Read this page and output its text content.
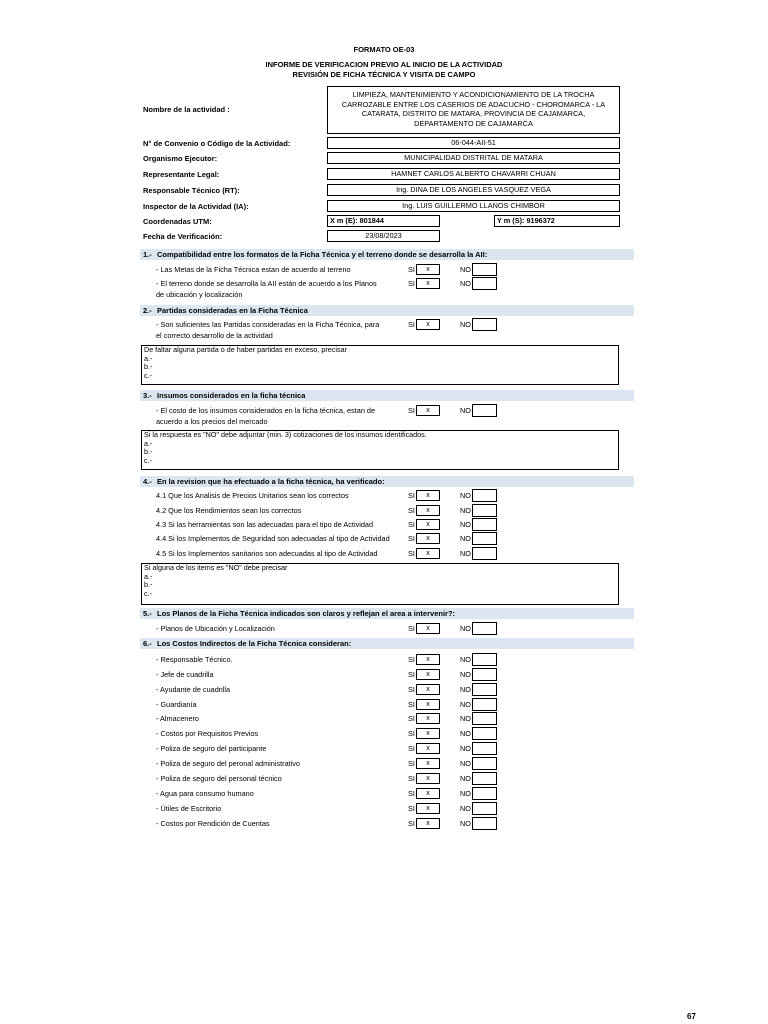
FORMATO OE-03
INFORME DE VERIFICACION PREVIO AL INICIO DE LA ACTIVIDAD
REVISIÓN DE FICHA TÉCNICA Y VISITA DE CAMPO
Nombre de la actividad :
LIMPIEZA, MANTENIMIENTO Y ACONDICIONAMIENTO DE LA TROCHA CARROZABLE ENTRE LOS CASERIOS DE ADACUCHO - CHOROMARCA - LA CATARATA, DISTRITO DE MATARA, PROVINCIA DE CAJAMARCA, DEPARTAMENTO DE CAJAMARCA
N° de Convenio o Código de la Actividad:	06-044-AII-51
Organismo Ejecutor:	MUNICIPALIDAD DISTRITAL DE MATARA
Representante Legal:	HAMNET CARLOS ALBERTO CHAVARRI CHUAN
Responsable Técnico (RT):	Ing. DINA DE LOS ANGELES VASQUEZ VEGA
Inspector de la Actividad (IA):	Ing. LUIS GUILLERMO LLANOS CHIMBOR
Coordenadas UTM:	X m (E): 801844	Y m (S): 9196372
Fecha de Verificación:	23/08/2023
1.- Compatibilidad entre los formatos de la Ficha Técnica y el terreno donde se desarrolla la AII:
- Las Metas de la Ficha Técnica estan de acuerdo al terreno	SI	x	NO
- El terreno donde se desarrolla la AII están de acuerdo a los Planos de ubicación y localización
SI	x	NO
2.- Partidas consideradas en la Ficha Técnica
- Son suficientes las Partidas consideradas en la Ficha Técnica, para el correcto desarrollo de la actividad
SI	x	NO
De faltar alguna partida o de haber partidas en exceso, precisar
a.-
b.-
c.-
3.- Insumos considerados en la ficha técnica
- El costo de los insumos considerados en la ficha técnica, estan de acuerdo a los precios del mercado
SI	x	NO
Si la respuesta es "NO" debe adjuntar (min. 3) cotizaciones de los insumos identificados.
a.-
b.-
c.-
4.- En la revision que ha efectuado a la ficha técnica, ha verificado:
4.1 Que los Analisis de Precios Unitarios sean los correctos	SI	x	NO
4.2 Que los Rendimientos sean los correctos	SI	x	NO
4.3 Si las herramientas son las adecuadas para el tipo de Actividad	SI	x	NO
4.4 Si los Implementos de Seguridad son adecuadas al tipo de Actividad	SI	x	NO
4.5 Si los Implementos sanitarios son adecuadas al tipo de Actividad	SI	x	NO
Si alguna de los items es "NO" debe precisar
a.-
b.-
c.-
5.- Los Planos de la Ficha Técnica indicados son claros y reflejan el area a intervenir?:
- Planos de Ubicación y Localización	SI	x	NO
6.- Los Costos Indirectos de la Ficha Técnica consideran:
- Responsable Técnico.	SI	x	NO
- Jefe de cuadrilla	SI	x	NO
- Ayudante de cuadrilla	SI	x	NO
- Guardianía	SI	x	NO
- Almacenero	SI	x	NO
- Costos por Requisitos Previos	SI	x	NO
- Poliza de seguro del participante	SI	x	NO
- Poliza de seguro del peronal administrativo	SI	x	NO
- Poliza de seguro del personal técnico	SI	x	NO
- Agua para consumo humano	SI	x	NO
- Útiles de Escritorio	SI	x	NO
- Costos por Rendición de Cuentas	SI	x	NO
67
